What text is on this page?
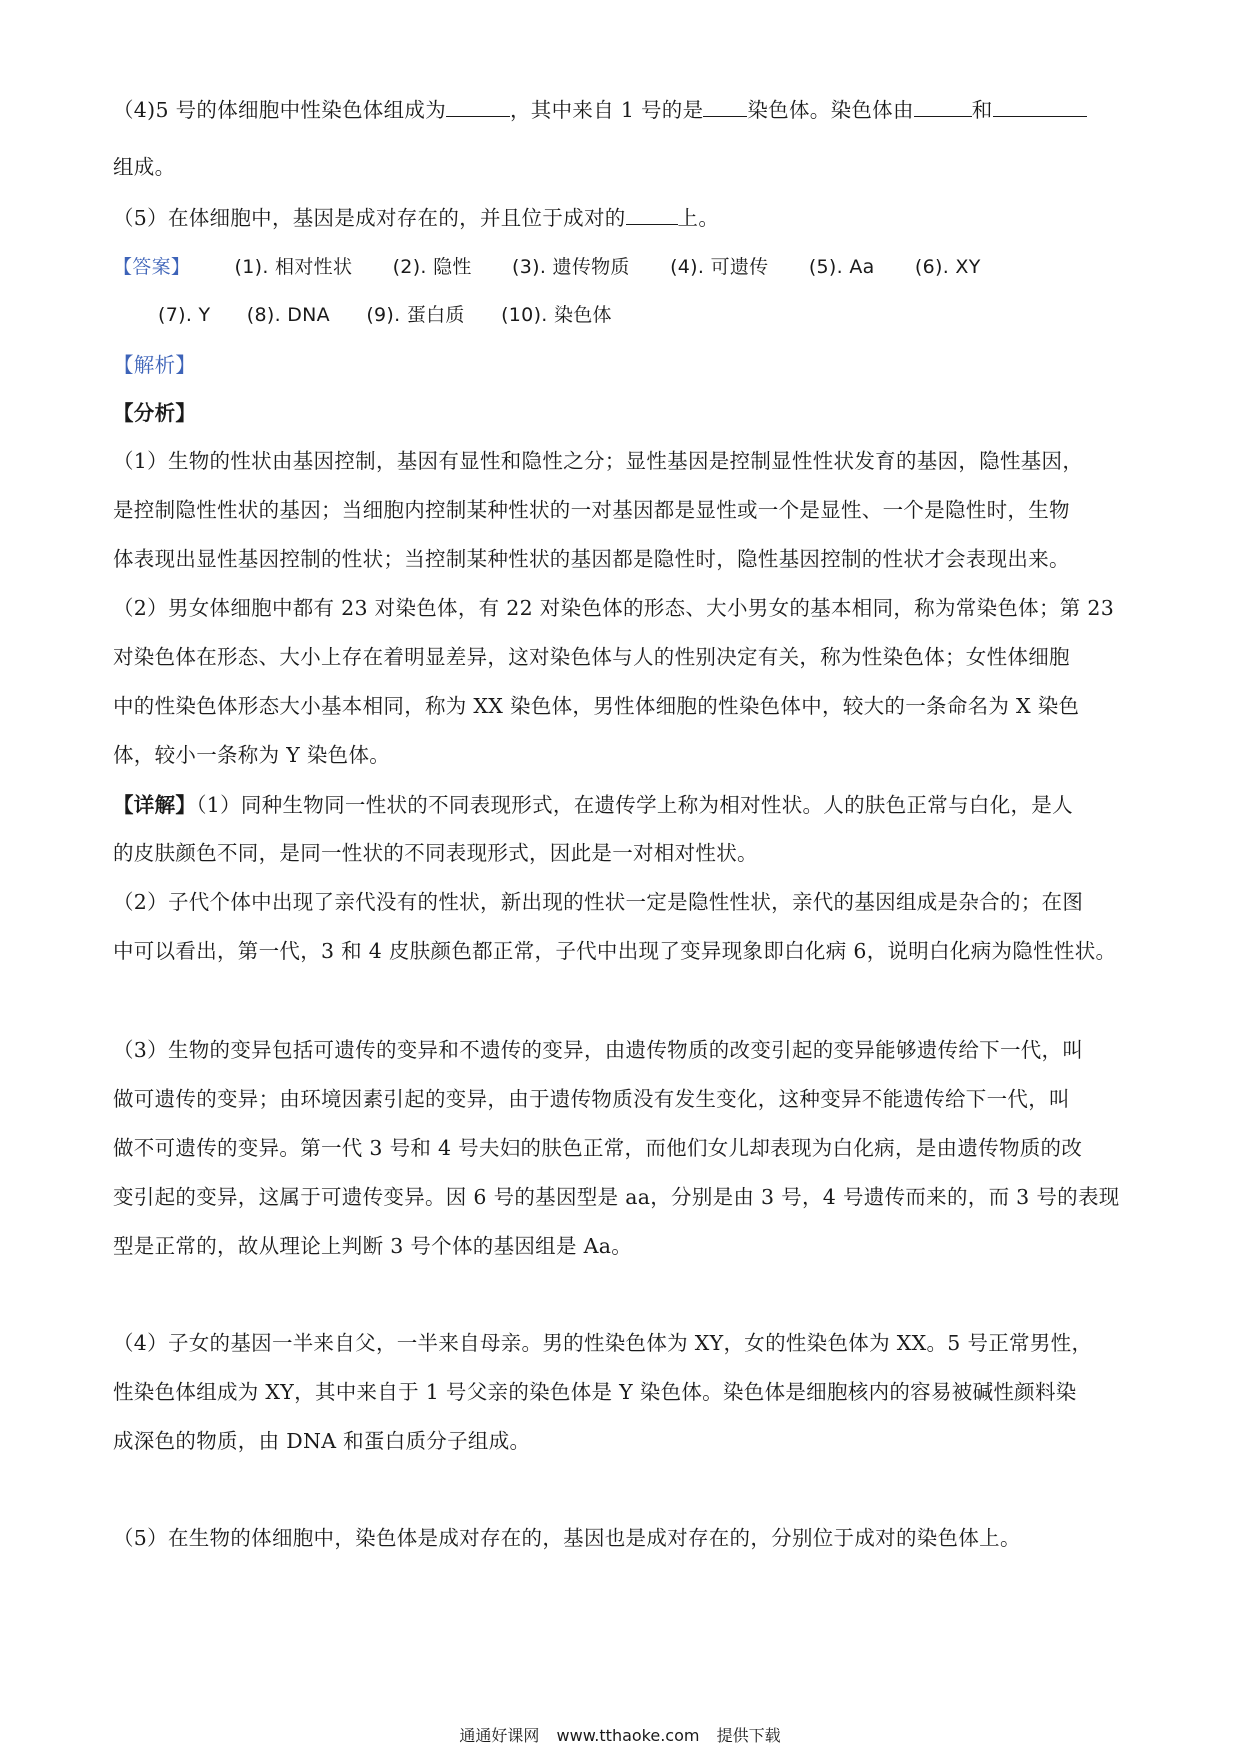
（4)5 号的体细胞中性染色体组成为	，其中来自 1 号的是 染色体。染色体由	和
组成。
（5）在体细胞中，基因是成对存在的，并且位于成对的	上。
【答案】 (1). 相对性状 (2). 隐性 (3). 遗传物质 (4). 可遗传 (5). Aa (6). XY
(7). Y (8). DNA (9). 蛋白质 (10). 染色体
【解析】
【分析】
（1）生物的性状由基因控制，基因有显性和隐性之分；显性基因是控制显性性状发育的基因，隐性基因，
是控制隐性性状的基因；当细胞内控制某种性状的一对基因都是显性或一个是显性、一个是隐性时，生物
体表现出显性基因控制的性状；当控制某种性状的基因都是隐性时，隐性基因控制的性状才会表现出来。
（2）男女体细胞中都有 23 对染色体，有 22 对染色体的形态、大小男女的基本相同，称为常染色体；第 23
对染色体在形态、大小上存在着明显差异，这对染色体与人的性别决定有关，称为性染色体；女性体细胞
中的性染色体形态大小基本相同，称为 XX 染色体，男性体细胞的性染色体中，较大的一条命名为 X 染色
体，较小一条称为 Y 染色体。
【详解】（1）同种生物同一性状的不同表现形式，在遗传学上称为相对性状。人的肤色正常与白化，是人
的皮肤颜色不同，是同一性状的不同表现形式，因此是一对相对性状。
（2）子代个体中出现了亲代没有的性状，新出现的性状一定是隐性性状，亲代的基因组成是杂合的；在图
中可以看出，第一代，3 和 4 皮肤颜色都正常，子代中出现了变异现象即白化病 6，说明白化病为隐性性状。
（3）生物的变异包括可遗传的变异和不遗传的变异，由遗传物质的改变引起的变异能够遗传给下一代，叫
做可遗传的变异；由环境因素引起的变异，由于遗传物质没有发生变化，这种变异不能遗传给下一代，叫
做不可遗传的变异。第一代 3 号和 4 号夫妇的肤色正常，而他们女儿却表现为白化病，是由遗传物质的改
变引起的变异，这属于可遗传变异。因 6 号的基因型是 aa，分别是由 3 号，4 号遗传而来的，而 3 号的表现
型是正常的，故从理论上判断 3 号个体的基因组是 Aa。
（4）子女的基因一半来自父，一半来自母亲。男的性染色体为 XY，女的性染色体为 XX。5 号正常男性，
性染色体组成为 XY，其中来自于 1 号父亲的染色体是 Y 染色体。染色体是细胞核内的容易被碱性颜料染
成深色的物质，由 DNA 和蛋白质分子组成。
（5）在生物的体细胞中，染色体是成对存在的，基因也是成对存在的，分别位于成对的染色体上。
通通好课网 www.tthaoke.com 提供下载
